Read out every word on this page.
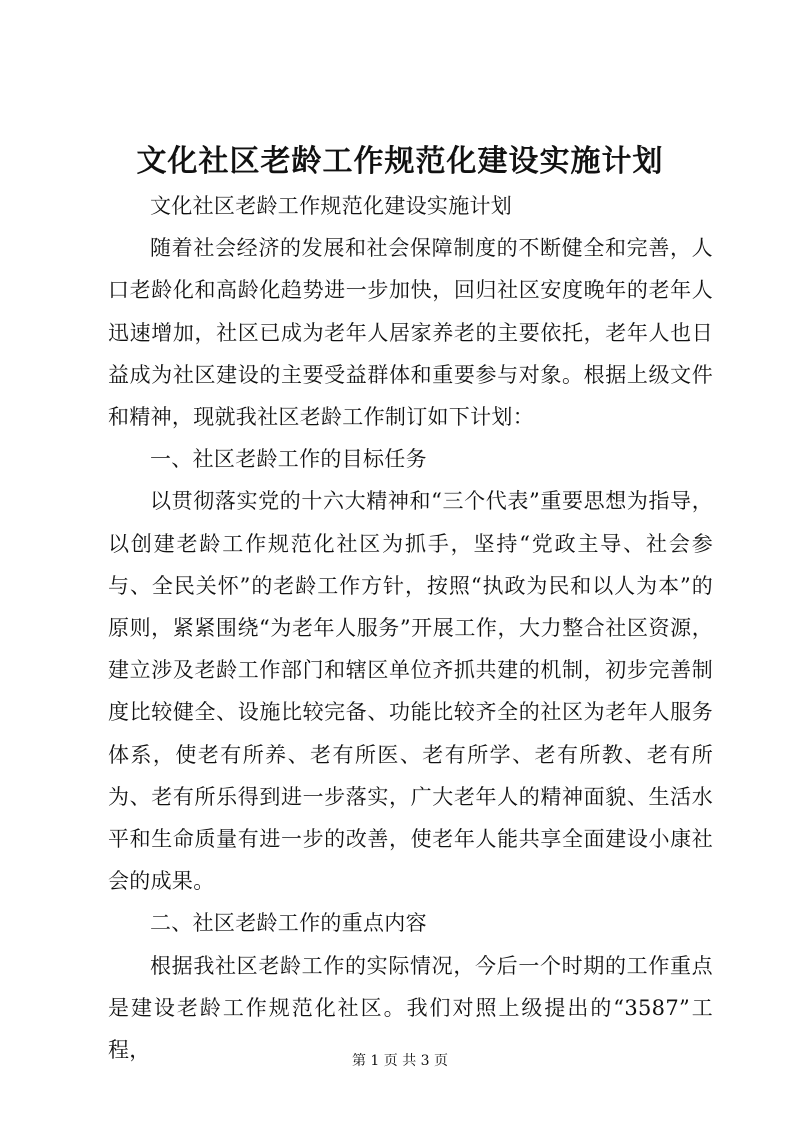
文化社区老龄工作规范化建设实施计划

文化社区老龄工作规范化建设实施计划

随着社会经济的发展和社会保障制度的不断健全和完善，人口老龄化和高龄化趋势进一步加快，回归社区安度晚年的老年人迅速增加，社区已成为老年人居家养老的主要依托，老年人也日益成为社区建设的主要受益群体和重要参与对象。根据上级文件和精神，现就我社区老龄工作制订如下计划：

一、社区老龄工作的目标任务

以贯彻落实党的十六大精神和“三个代表”重要思想为指导，以创建老龄工作规范化社区为抓手，坚持“党政主导、社会参与、全民关怀”的老龄工作方针，按照“执政为民和以人为本”的原则，紧紧围绕“为老年人服务”开展工作，大力整合社区资源，建立涉及老龄工作部门和辖区单位齐抓共建的机制，初步完善制度比较健全、设施比较完备、功能比较齐全的社区为老年人服务体系，使老有所养、老有所医、老有所学、老有所教、老有所为、老有所乐得到进一步落实，广大老年人的精神面貌、生活水平和生命质量有进一步的改善，使老年人能共享全面建设小康社会的成果。

二、社区老龄工作的重点内容

根据我社区老龄工作的实际情况，今后一个时期的工作重点是建设老龄工作规范化社区。我们对照上级提出的“3587”工程，	第 1 页 共 3 页
